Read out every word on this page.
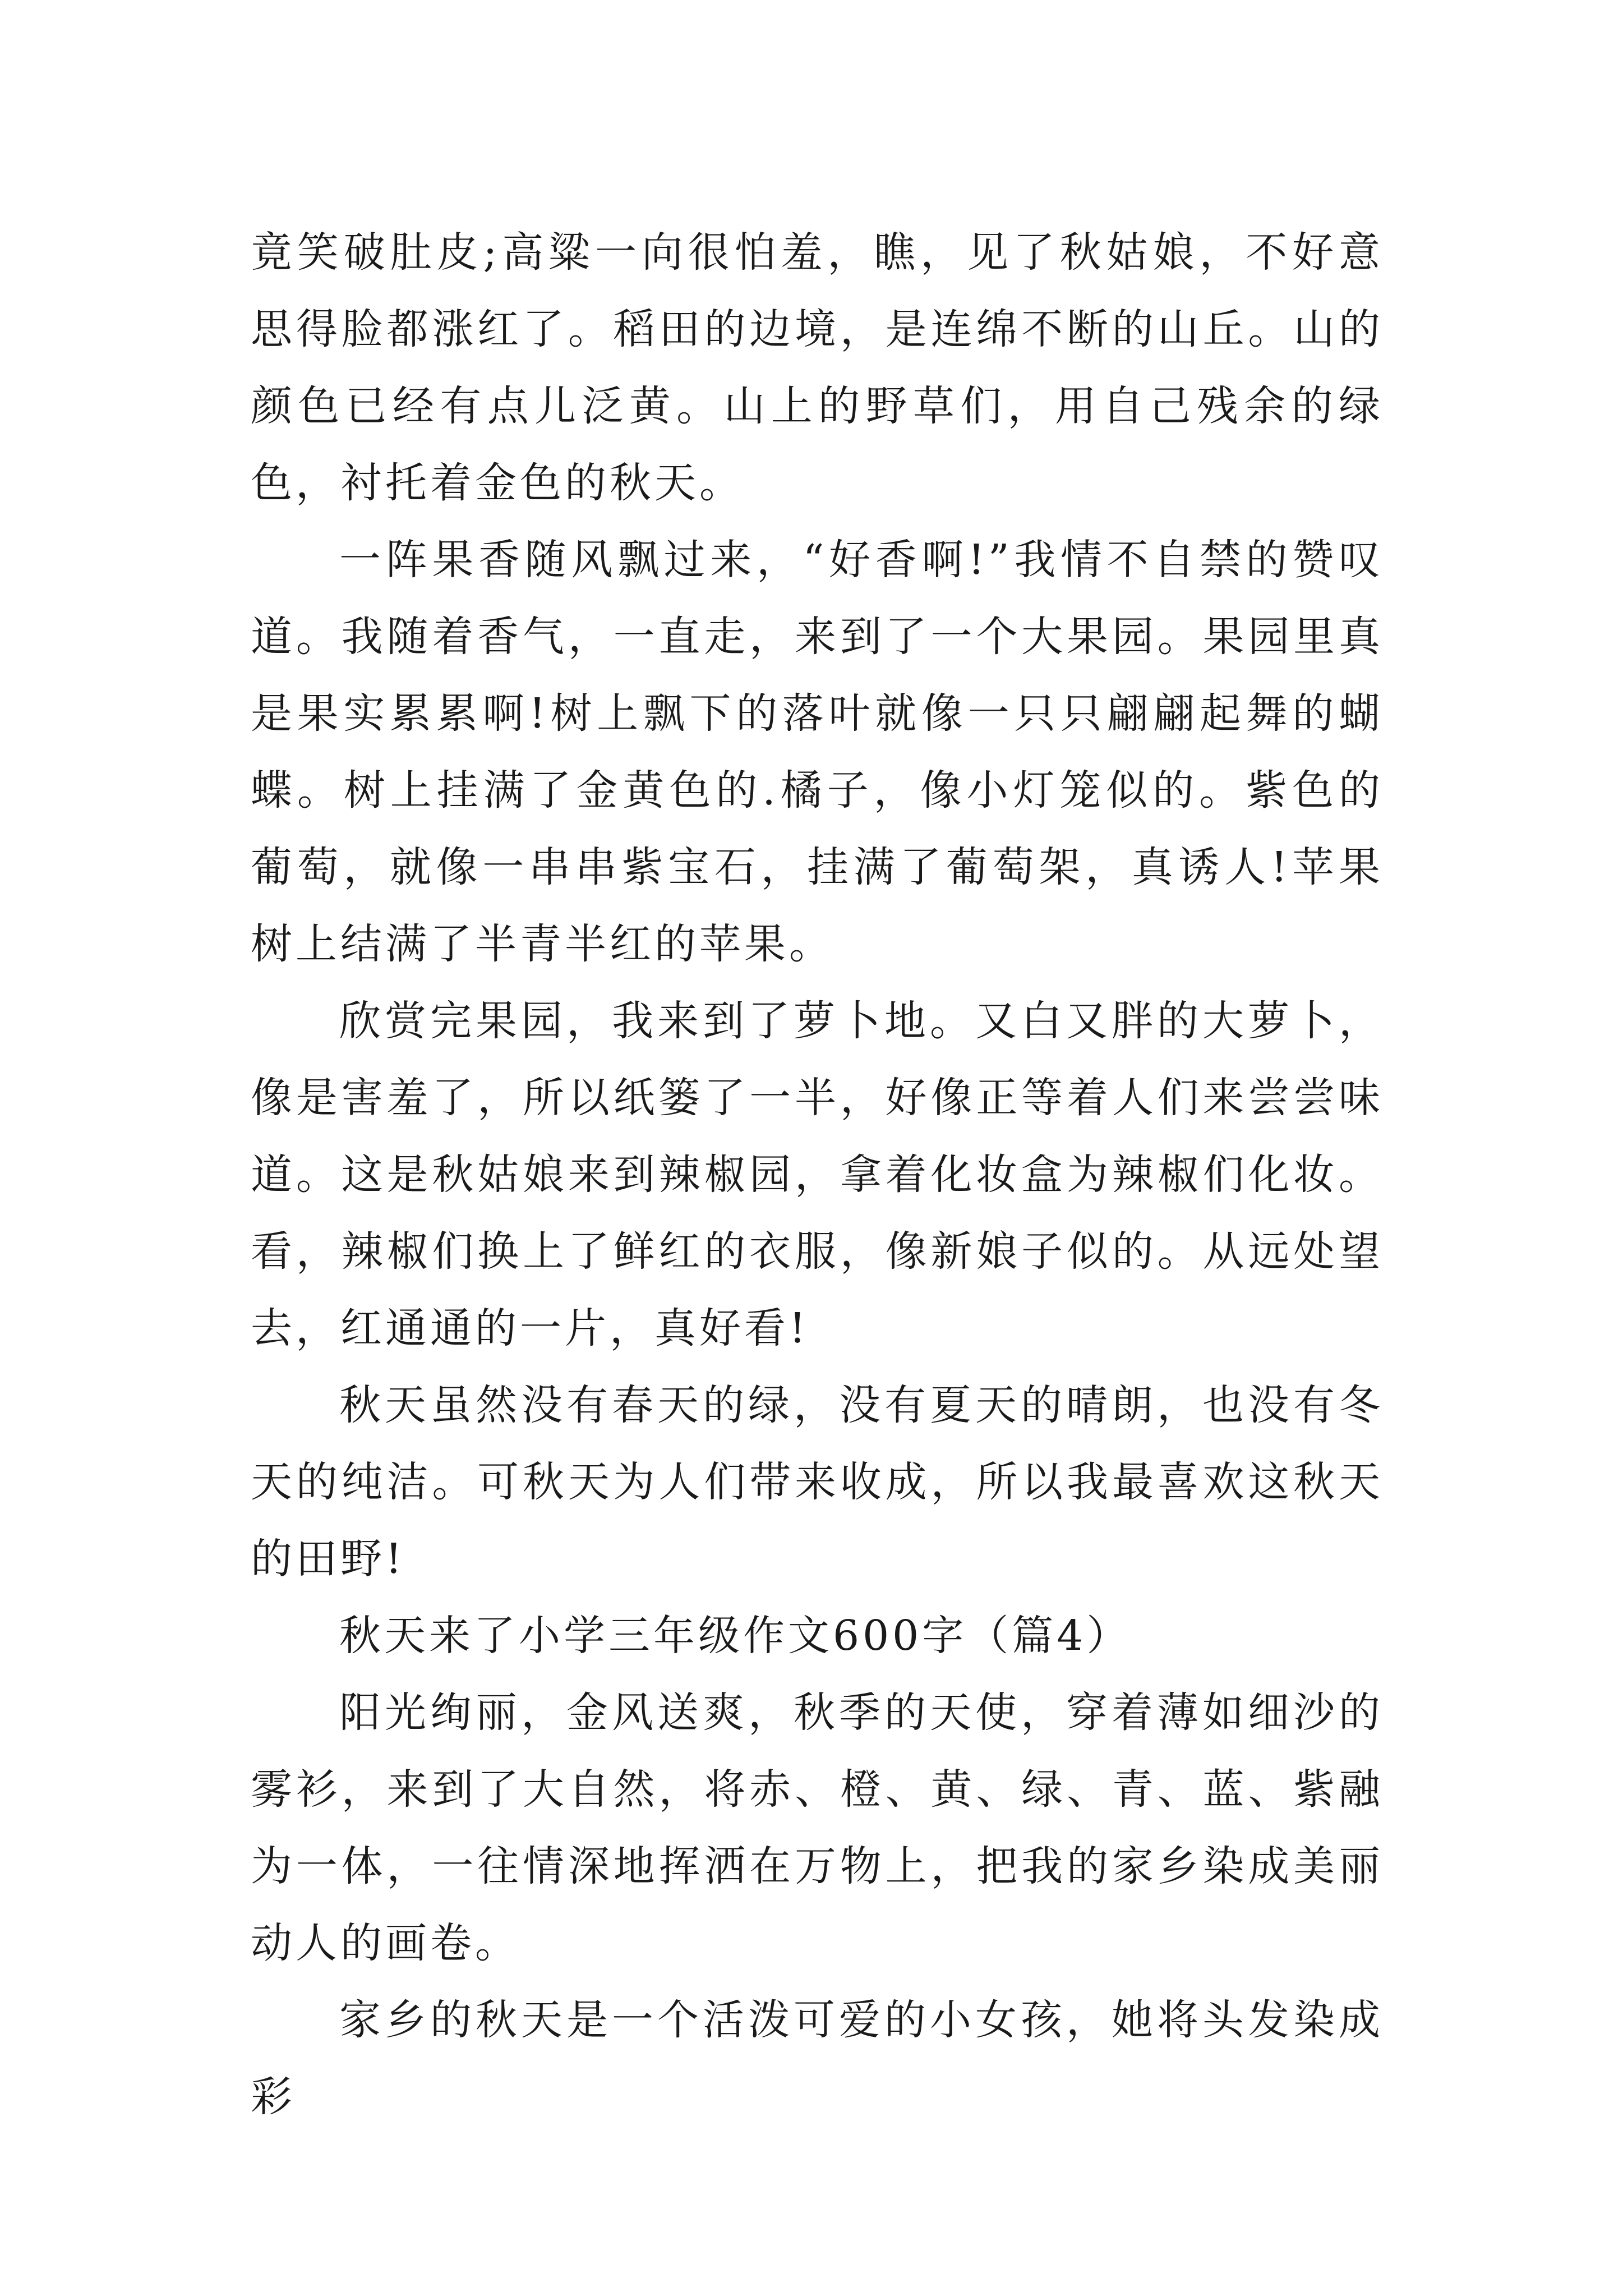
竟笑破肚皮;高粱一向很怕羞，瞧，见了秋姑娘，不好意思得脸都涨红了。稻田的边境，是连绵不断的山丘。山的颜色已经有点儿泛黄。山上的野草们，用自己残余的绿色，衬托着金色的秋天。

一阵果香随风飘过来，“好香啊!”我情不自禁的赞叹道。我随着香气，一直走，来到了一个大果园。果园里真是果实累累啊!树上飘下的落叶就像一只只翩翩起舞的蝴蝶。树上挂满了金黄色的.橘子，像小灯笼似的。紫色的葡萄，就像一串串紫宝石，挂满了葡萄架，真诱人!苹果树上结满了半青半红的苹果。

欣赏完果园，我来到了萝卜地。又白又胖的大萝卜，像是害羞了，所以纸篓了一半，好像正等着人们来尝尝味道。这是秋姑娘来到辣椒园，拿着化妆盒为辣椒们化妆。看，辣椒们换上了鲜红的衣服，像新娘子似的。从远处望去，红通通的一片，真好看!

秋天虽然没有春天的绿，没有夏天的晴朗，也没有冬天的纯洁。可秋天为人们带来收成，所以我最喜欢这秋天的田野!

秋天来了小学三年级作文600字（篇4）

阳光绚丽，金风送爽，秋季的天使，穿着薄如细沙的雾衫，来到了大自然，将赤、橙、黄、绿、青、蓝、紫融为一体，一往情深地挥洒在万物上，把我的家乡染成美丽动人的画卷。

家乡的秋天是一个活泼可爱的小女孩，她将头发染成彩
